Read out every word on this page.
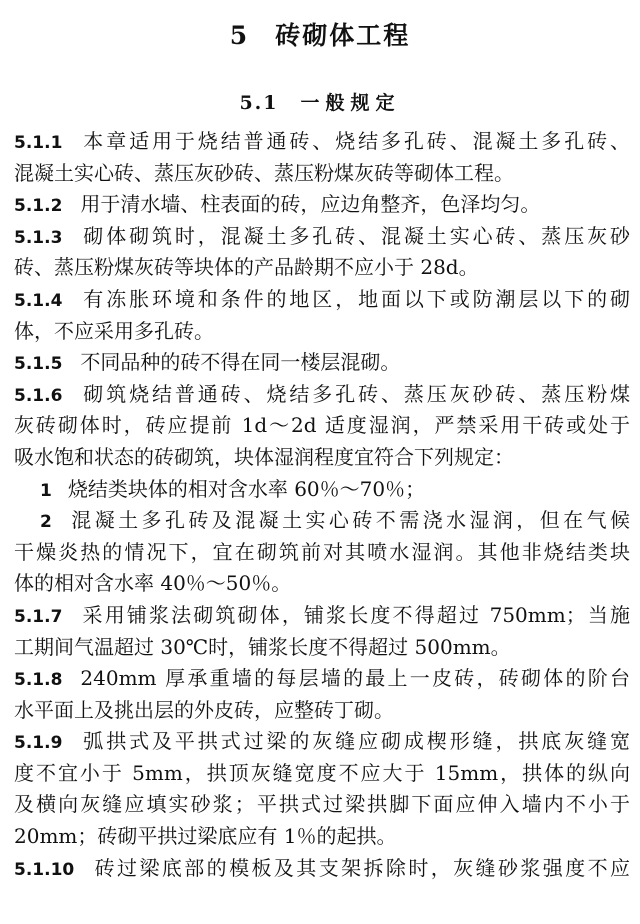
5 砖砌体工程
5.1 一般规定
5.1.1 本章适用于烧结普通砖、烧结多孔砖、混凝土多孔砖、
混凝土实心砖、蒸压灰砂砖、蒸压粉煤灰砖等砌体工程。
5.1.2 用于清水墙、柱表面的砖，应边角整齐，色泽均匀。
5.1.3 砌体砌筑时，混凝土多孔砖、混凝土实心砖、蒸压灰砂
砖、蒸压粉煤灰砖等块体的产品龄期不应小于 28d。
5.1.4 有冻胀环境和条件的地区，地面以下或防潮层以下的砌
体，不应采用多孔砖。
5.1.5 不同品种的砖不得在同一楼层混砌。
5.1.6 砌筑烧结普通砖、烧结多孔砖、蒸压灰砂砖、蒸压粉煤
灰砖砌体时，砖应提前 1d～2d 适度湿润，严禁采用干砖或处于
吸水饱和状态的砖砌筑，块体湿润程度宜符合下列规定：
1 烧结类块体的相对含水率 60％～70％；
2 混凝土多孔砖及混凝土实心砖不需浇水湿润，但在气候
干燥炎热的情况下，宜在砌筑前对其喷水湿润。其他非烧结类块
体的相对含水率 40％～50％。
5.1.7 采用铺浆法砌筑砌体，铺浆长度不得超过 750mm；当施
工期间气温超过 30℃时，铺浆长度不得超过 500mm。
5.1.8 240mm 厚承重墙的每层墙的最上一皮砖，砖砌体的阶台
水平面上及挑出层的外皮砖，应整砖丁砌。
5.1.9 弧拱式及平拱式过梁的灰缝应砌成楔形缝，拱底灰缝宽
度不宜小于 5mm，拱顶灰缝宽度不应大于 15mm，拱体的纵向
及横向灰缝应填实砂浆；平拱式过梁拱脚下面应伸入墙内不小于
20mm；砖砌平拱过梁底应有 1％的起拱。
5.1.10 砖过梁底部的模板及其支架拆除时，灰缝砂浆强度不应
